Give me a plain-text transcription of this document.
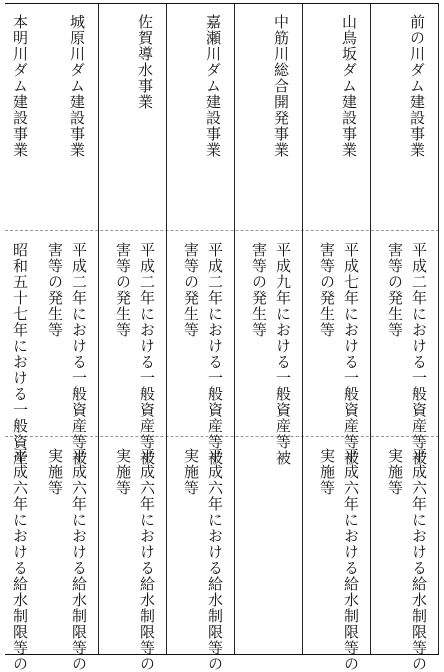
前の川ダム建設事業
平成二年における一般資産等被
害等の発生等
平成六年における給水制限等の
実施等
山鳥坂ダム建設事業
平成七年における一般資産等被
害等の発生等
平成六年における給水制限等の
実施等
中筋川総合開発事業
平成九年における一般資産等被
害等の発生等
嘉瀬川ダム建設事業
平成二年における一般資産等被
害等の発生等
平成六年における給水制限等の
実施等
佐賀導水事業
平成二年における一般資産等被
害等の発生等
平成六年における給水制限等の
実施等
城原川ダム建設事業
平成二年における一般資産等被
害等の発生等
平成六年における給水制限等の
実施等
本明川ダム建設事業
昭和五十七年における一般資産
平成六年における給水制限等の
